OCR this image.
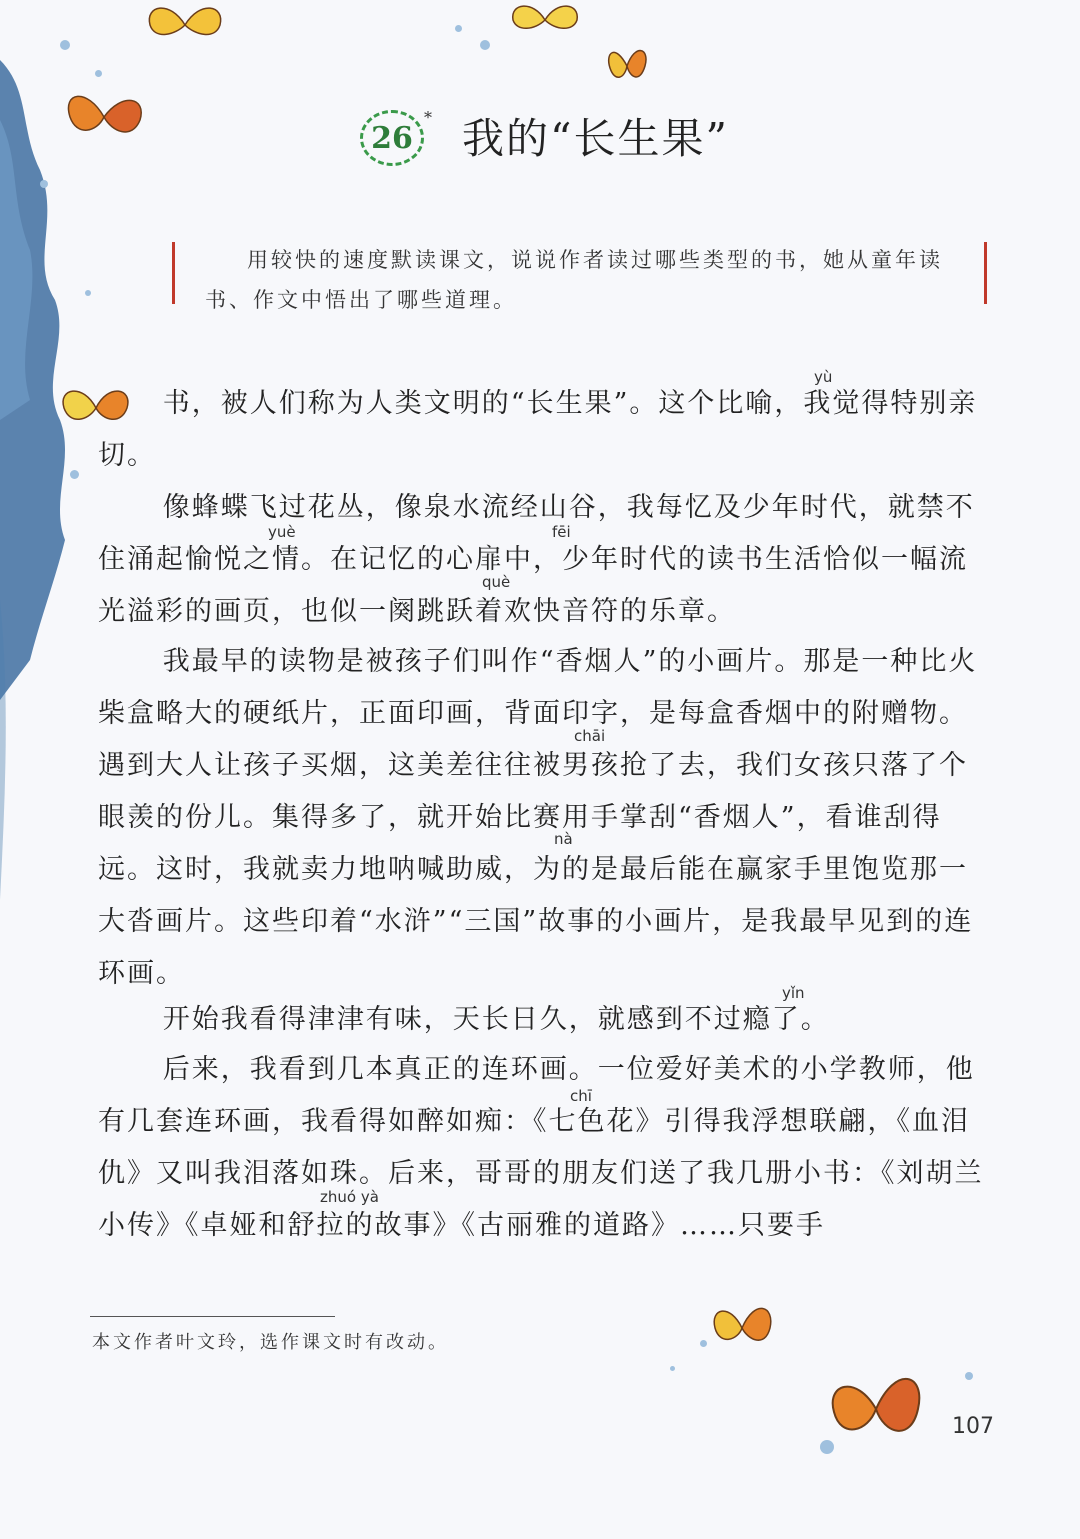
26
* 我的“长生果”

用较快的速度默读课文，说说作者读过哪些类型的书，她从童年读书、作文中悟出了哪些道理。

yù
yuè	fēi
què
chāi
nà
yǐn
chī
zhuó yà

书，被人们称为人类文明的“长生果”。这个比喻，我觉得特别亲切。

像蜂蝶飞过花丛，像泉水流经山谷，我每忆及少年时代，就禁不住涌起愉悦之情。在记忆的心扉中，少年时代的读书生活恰似一幅流光溢彩的画页，也似一阕跳跃着欢快音符的乐章。

我最早的读物是被孩子们叫作“香烟人”的小画片。那是一种比火柴盒略大的硬纸片，正面印画，背面印字，是每盒香烟中的附赠物。遇到大人让孩子买烟，这美差往往被男孩抢了去，我们女孩只落了个眼羡的份儿。集得多了，就开始比赛用手掌刮“香烟人”，看谁刮得远。这时，我就卖力地呐喊助威，为的是最后能在赢家手里饱览那一大沓画片。这些印着“水浒”“三国”故事的小画片，是我最早见到的连环画。

开始我看得津津有味，天长日久，就感到不过瘾了。

后来，我看到几本真正的连环画。一位爱好美术的小学教师，他有几套连环画，我看得如醉如痴：《七色花》引得我浮想联翩，《血泪仇》又叫我泪落如珠。后来，哥哥的朋友们送了我几册小书：《刘胡兰小传》《卓娅和舒拉的故事》《古丽雅的道路》……只要手

本文作者叶文玲，选作课文时有改动。
107
